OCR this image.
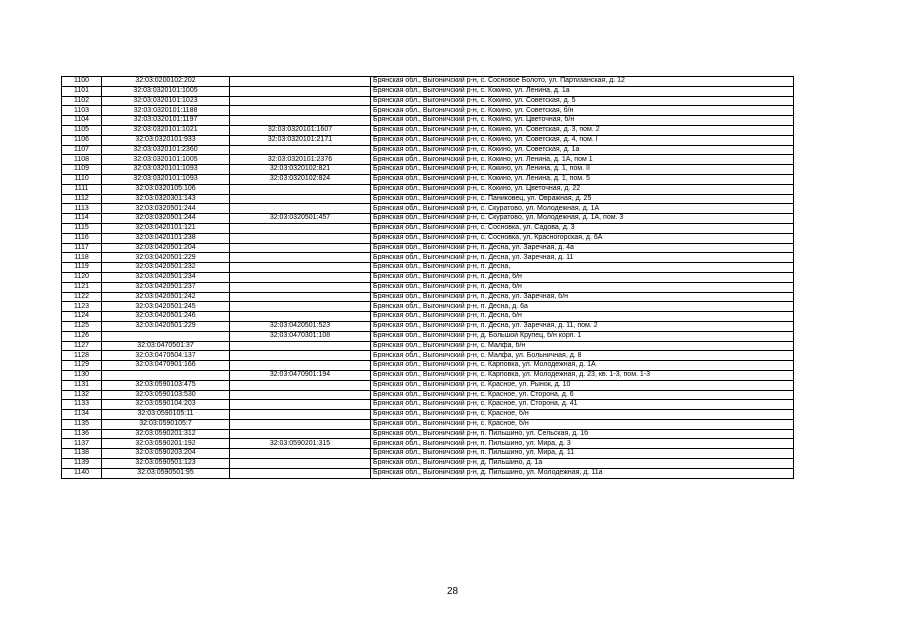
1100	32:03:0200102:202		Брянская обл., Выгоничский р-н, с. Сосновое Болото, ул. Партизанская, д. 12
1101	32:03:0320101:1005		Брянская обл., Выгоничский р-н, с. Кокино, ул. Ленина, д. 1а
1102	32:03:0320101:1023		Брянская обл., Выгоничский р-н, с. Кокино, ул. Советская, д. 5
1103	32:03:0320101:1188		Брянская обл., Выгоничский р-н, с. Кокино, ул. Советская, б/н
1104	32:03:0320101:1197		Брянская обл., Выгоничский р-н, с. Кокино, ул. Цветочная, б/н
1105	32:03:0320101:1021	32:03:0320101:1607	Брянская обл., Выгоничский р-н, с. Кокино, ул. Советская, д. 3, пом. 2
1106	32:03:0320101:933	32:03:0320101:2171	Брянская обл., Выгоничский р-н, с. Кокино, ул. Советская, д. 4, пом. I
1107	32:03:0320101:2360		Брянская обл., Выгоничский р-н, с. Кокино, ул. Советская, д. 1а
1108	32:03:0320101:1005	32:03:0320101:2376	Брянская обл., Выгоничский р-н, с. Кокино, ул. Ленина, д. 1А, пом 1
1109	32:03:0320101:1093	32:03:0320102:821	Брянская обл., Выгоничский р-н, с. Кокино, ул. Ленина, д. 1, пом. II
1110	32:03:0320101:1093	32:03:0320102:824	Брянская обл., Выгоничский р-н, с. Кокино, ул. Ленина, д. 1, пом. 5
1111	32:03:0320105:106		Брянская обл., Выгоничский р-н, с. Кокино, ул. Цветочная, д. 22
1112	32:03:0320301:143		Брянская обл., Выгоничский р-н, с. Паниковец, ул. Овражная, д. 25
1113	32:03:0320501:244		Брянская обл., Выгоничский р-н, с. Скуратово, ул. Молодежная, д. 1А
1114	32:03:0320501:244	32:03:0320501:457	Брянская обл., Выгоничский р-н, с. Скуратово, ул. Молодежная, д. 1А, пом. 3
1115	32:03:0420101:121		Брянская обл., Выгоничский р-н, с. Сосновка, ул. Садова, д. 3
1116	32:03:0420101:238		Брянская обл., Выгоничский р-н, с. Сосновка, ул. Красногорская, д. 6А
1117	32:03:0420501:204		Брянская обл., Выгоничский р-н, п. Десна, ул. Заречная, д. 4а
1118	32:03:0420501:229		Брянская обл., Выгоничский р-н, п. Десна, ул. Заречная, д. 11
1119	32:03:0420501:232		Брянская обл., Выгоничский р-н, п. Десна,
1120	32:03:0420501:234		Брянская обл., Выгоничский р-н, п. Десна, б/н
1121	32:03:0420501:237		Брянская обл., Выгоничский р-н, п. Десна, б/н
1122	32:03:0420501:242		Брянская обл., Выгоничский р-н, п. Десна, ул. Заречная, б/н
1123	32:03:0420501:245		Брянская обл., Выгоничский р-н, п. Десна, д. 6а
1124	32:03:0420501:246		Брянская обл., Выгоничский р-н, п. Десна, б/н
1125	32:03:0420501:229	32:03:0420501:523	Брянская обл., Выгоничский р-н, п. Десна, ул. Заречная, д. 11, пом. 2
1126		32:03:0470301:108	Брянская обл., Выгоничский р-н, д. Большой Крупец, б/н корп. 1
1127	32:03:0470501:37		Брянская обл., Выгоничский р-н, с. Малфа, б/н
1128	32:03:0470504:137		Брянская обл., Выгоничский р-н, с. Малфа, ул. Больничная, д. 8
1129	32:03:0470901:166		Брянская обл., Выгоничский р-н, с. Карповка, ул. Молодежная, д. 1А
1130		32:03:0470901:194	Брянская обл., Выгоничский р-н, с. Карповка, ул. Молодежная, д. 23, кв. 1-3, пом. 1-3
1131	32:03:0590103:475		Брянская обл., Выгоничский р-н, с. Красное, ул. Рынок, д. 10
1132	32:03:0590103:530		Брянская обл., Выгоничский р-н, с. Красное, ул. Сторона, д. 6
1133	32:03:0590104:203		Брянская обл., Выгоничский р-н, с. Красное, ул. Сторона, д. 41
1134	32:03:0590105:11		Брянская обл., Выгоничский р-н, с. Красное, б/н
1135	32:03:0590105:7		Брянская обл., Выгоничский р-н, с. Красное, б/н
1136	32:03:0590201:312		Брянская обл., Выгоничский р-н, п. Пильшино, ул. Сельская, д. 1б
1137	32:03:0590201:192	32:03:0590201:315	Брянская обл., Выгоничский р-н, п. Пильшино, ул. Мира, д. 3
1138	32:03:0590203:204		Брянская обл., Выгоничский р-н, п. Пильшино, ул. Мира, д. 11
1139	32:03:0590501:123		Брянская обл., Выгоничский р-н, д. Пильшино, д. 1а
1140	32:03:0590501:95		Брянская обл., Выгоничский р-н, д. Пильшино, ул. Молодежная, д. 11а
28
